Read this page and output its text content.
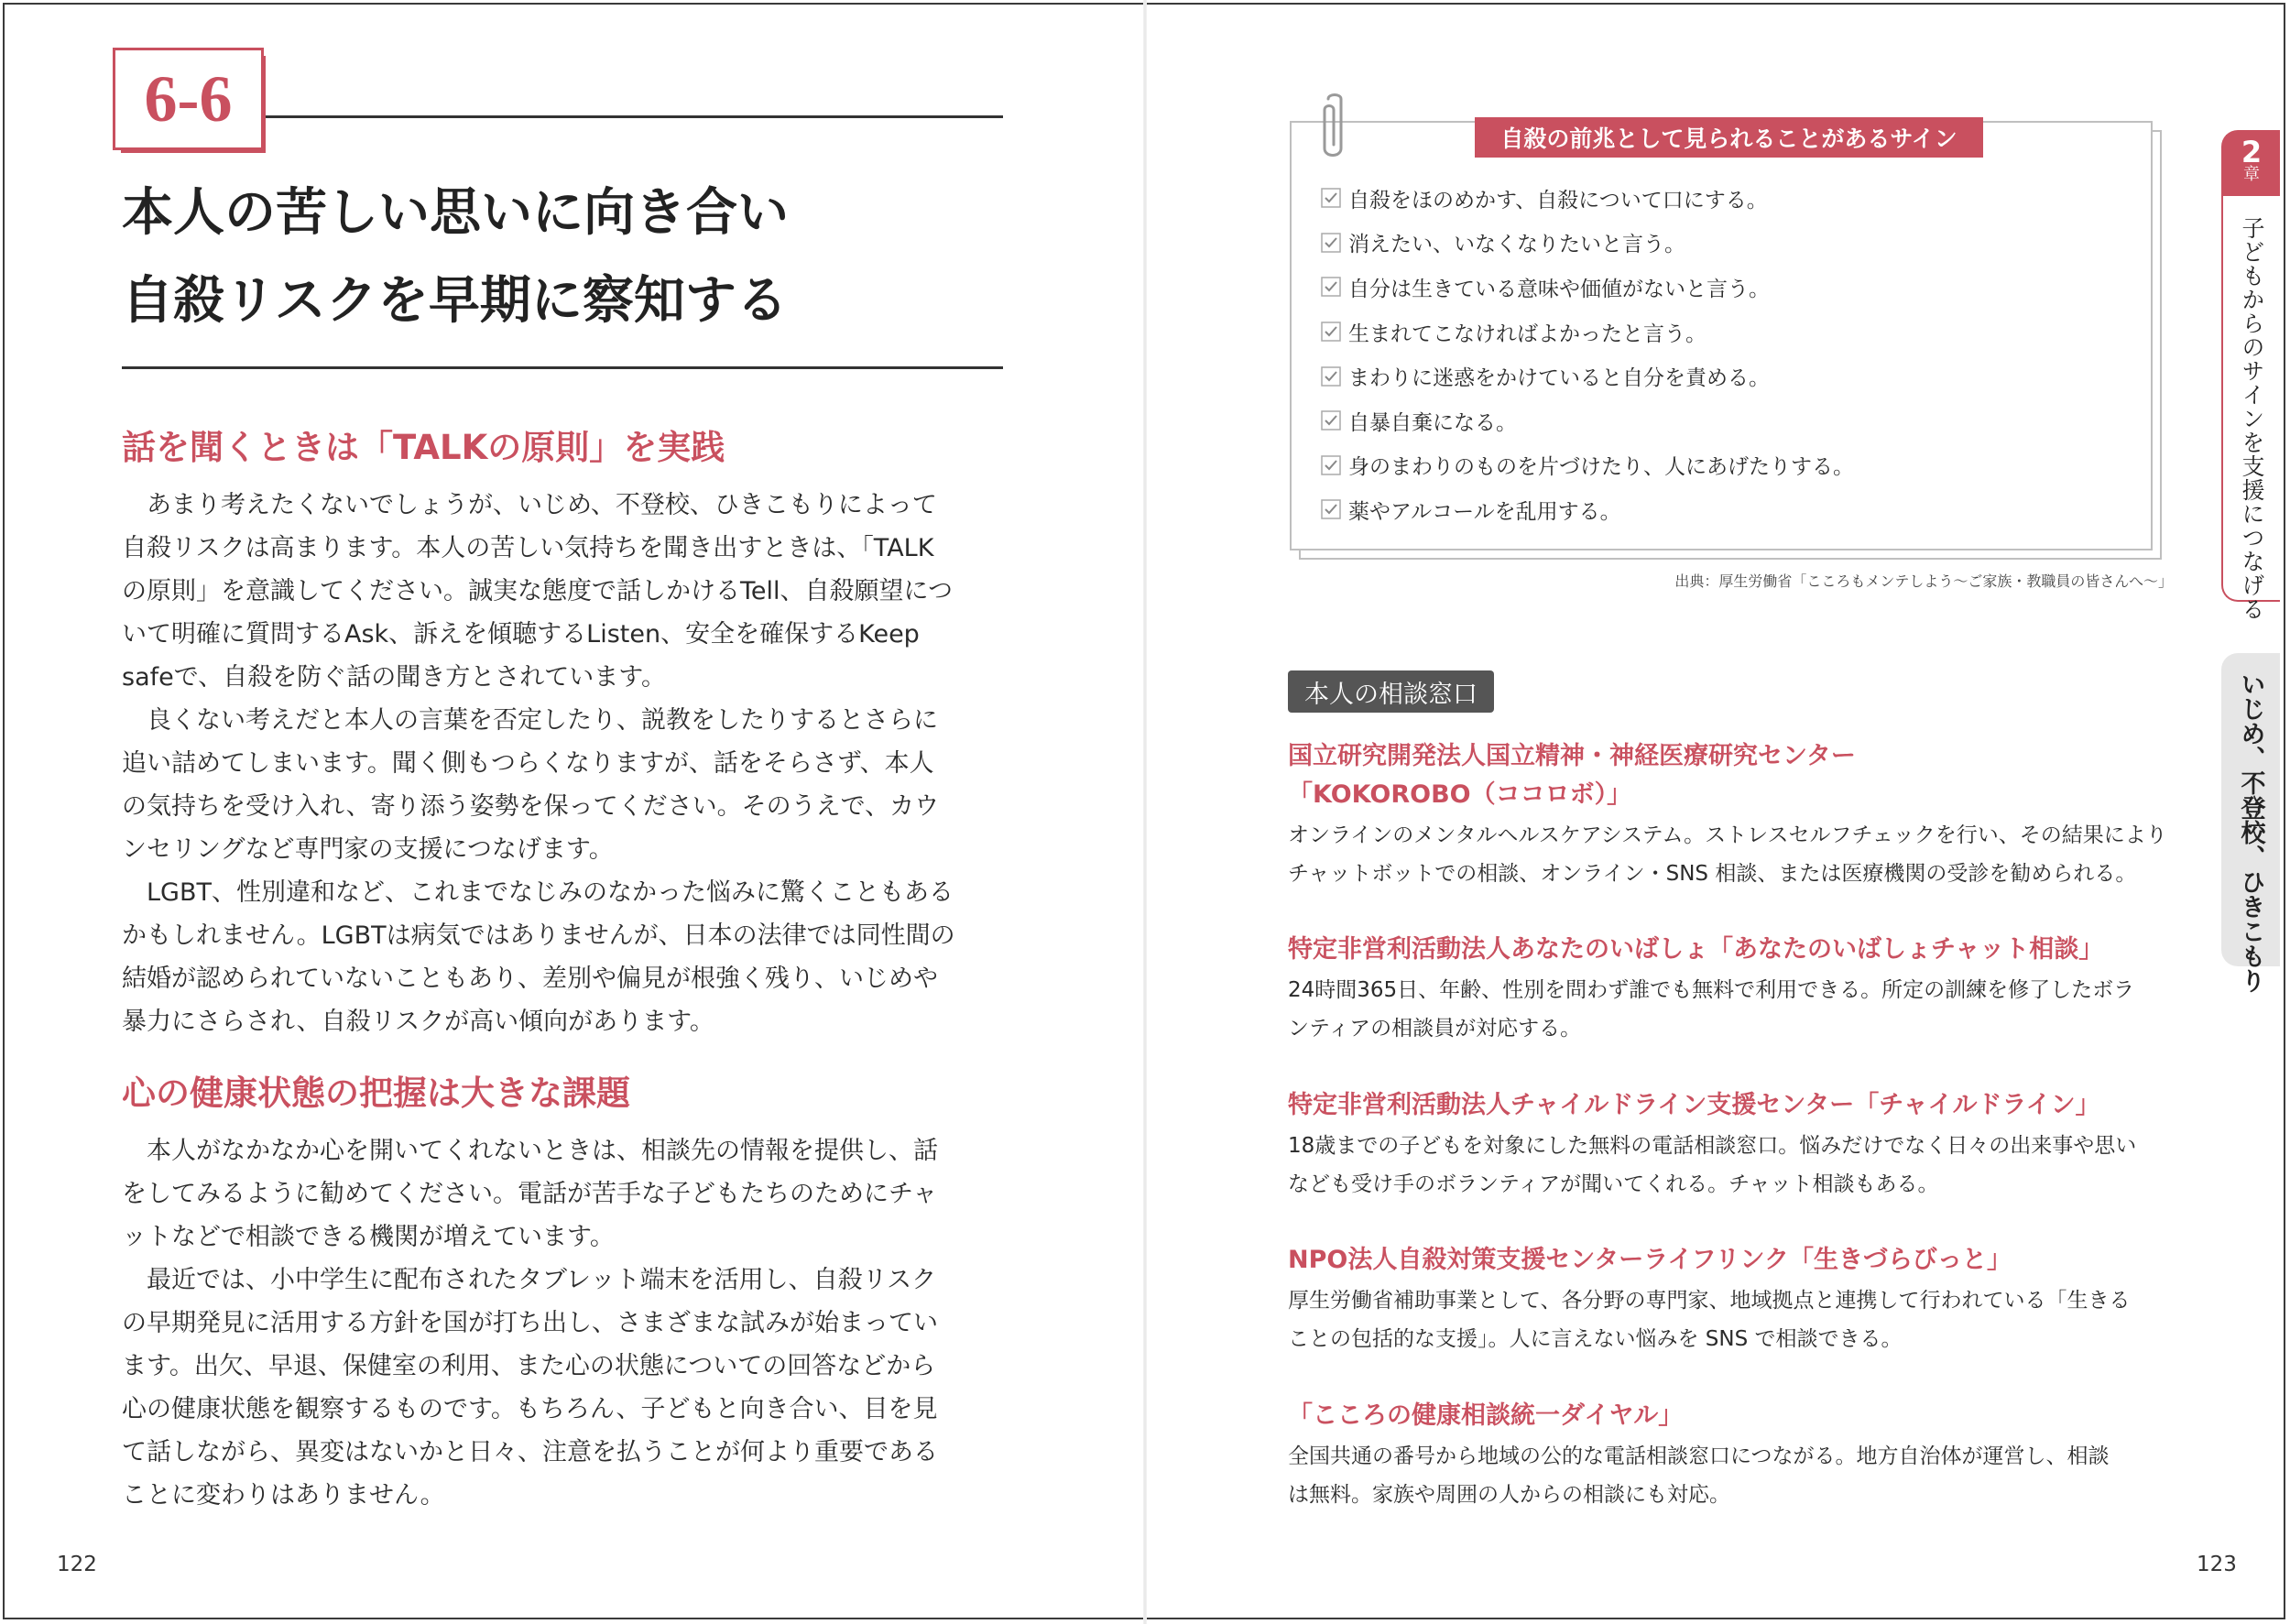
6-6
本人の苦しい思いに向き合い
自殺リスクを早期に察知する
話を聞くときは「TALKの原則」を実践
　あまり考えたくないでしょうが、いじめ、不登校、ひきこもりによって
自殺リスクは高まります。本人の苦しい気持ちを聞き出すときは、「TALK
の原則」を意識してください。誠実な態度で話しかけるTell、自殺願望につ
いて明確に質問するAsk、訴えを傾聴するListen、安全を確保するKeep
safeで、自殺を防ぐ話の聞き方とされています。
　良くない考えだと本人の言葉を否定したり、説教をしたりするとさらに
追い詰めてしまいます。聞く側もつらくなりますが、話をそらさず、本人
の気持ちを受け入れ、寄り添う姿勢を保ってください。そのうえで、カウ
ンセリングなど専門家の支援につなげます。
　LGBT、性別違和など、これまでなじみのなかった悩みに驚くこともある
かもしれません。LGBTは病気ではありませんが、日本の法律では同性間の
結婚が認められていないこともあり、差別や偏見が根強く残り、いじめや
暴力にさらされ、自殺リスクが高い傾向があります。
心の健康状態の把握は大きな課題
　本人がなかなか心を開いてくれないときは、相談先の情報を提供し、話
をしてみるように勧めてください。電話が苦手な子どもたちのためにチャ
ットなどで相談できる機関が増えています。
　最近では、小中学生に配布されたタブレット端末を活用し、自殺リスク
の早期発見に活用する方針を国が打ち出し、さまざまな試みが始まってい
ます。出欠、早退、保健室の利用、また心の状態についての回答などから
心の健康状態を観察するものです。もちろん、子どもと向き合い、目を見
て話しながら、異変はないかと日々、注意を払うことが何より重要である
ことに変わりはありません。
122
自殺の前兆として見られることがあるサイン
自殺をほのめかす、自殺について口にする。
消えたい、いなくなりたいと言う。
自分は生きている意味や価値がないと言う。
生まれてこなければよかったと言う。
まわりに迷惑をかけていると自分を責める。
自暴自棄になる。
身のまわりのものを片づけたり、人にあげたりする。
薬やアルコールを乱用する。
出典：厚生労働省「こころもメンテしよう〜ご家族・教職員の皆さんへ〜」
本人の相談窓口
国立研究開発法人国立精神・神経医療研究センター
「KOKOROBO（ココロボ）」
オンラインのメンタルヘルスケアシステム。ストレスセルフチェックを行い、その結果により
チャットボットでの相談、オンライン・SNS 相談、または医療機関の受診を勧められる。
特定非営利活動法人あなたのいばしょ「あなたのいばしょチャット相談」
24時間365日、年齢、性別を問わず誰でも無料で利用できる。所定の訓練を修了したボラ
ンティアの相談員が対応する。
特定非営利活動法人チャイルドライン支援センター「チャイルドライン」
18歳までの子どもを対象にした無料の電話相談窓口。悩みだけでなく日々の出来事や思い
なども受け手のボランティアが聞いてくれる。チャット相談もある。
NPO法人自殺対策支援センターライフリンク「生きづらびっと」
厚生労働省補助事業として、各分野の専門家、地域拠点と連携して行われている「生きる
ことの包括的な支援」。人に言えない悩みを SNS で相談できる。
「こころの健康相談統一ダイヤル」
全国共通の番号から地域の公的な電話相談窓口につながる。地方自治体が運営し、相談
は無料。家族や周囲の人からの相談にも対応。
123
2
章
子どもからのサインを支援につなげる
いじめ、不登校、ひきこもり
